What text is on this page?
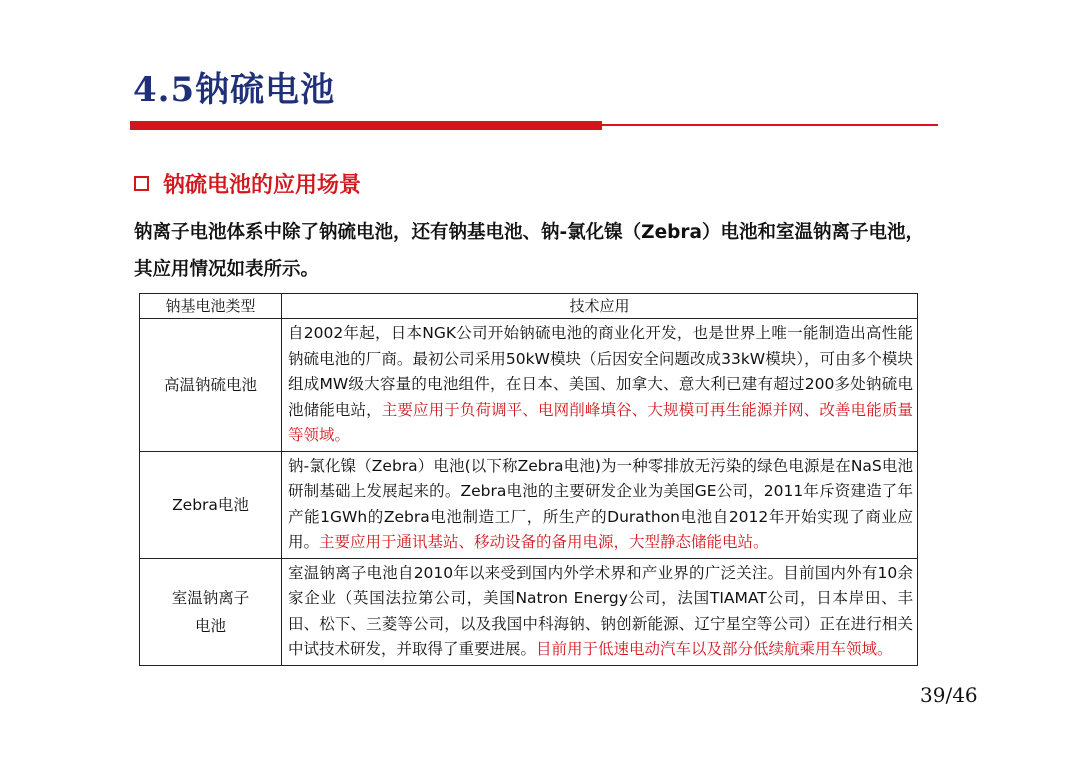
4.5钠硫电池
钠硫电池的应用场景
钠离子电池体系中除了钠硫电池，还有钠基电池、钠-氯化镍（Zebra）电池和室温钠离子电池，其应用情况如表所示。
钠基电池类型	技术应用
高温钠硫电池	自2002年起，日本NGK公司开始钠硫电池的商业化开发，也是世界上唯一能制造出高性能钠硫电池的厂商。最初公司采用50kW模块（后因安全问题改成33kW模块），可由多个模块组成MW级大容量的电池组件，在日本、美国、加拿大、意大利已建有超过200多处钠硫电池储能电站，主要应用于负荷调平、电网削峰填谷、大规模可再生能源并网、改善电能质量等领域。
Zebra电池	钠-氯化镍（Zebra）电池(以下称Zebra电池)为一种零排放无污染的绿色电源是在NaS电池研制基础上发展起来的。Zebra电池的主要研发企业为美国GE公司，2011年斥资建造了年产能1GWh的Zebra电池制造工厂，所生产的Durathon电池自2012年开始实现了商业应用。主要应用于通讯基站、移动设备的备用电源，大型静态储能电站。
室温钠离子电池	室温钠离子电池自2010年以来受到国内外学术界和产业界的广泛关注。目前国内外有10余家企业（英国法拉第公司，美国Natron Energy公司，法国TIAMAT公司，日本岸田、丰田、松下、三菱等公司，以及我国中科海钠、钠创新能源、辽宁星空等公司）正在进行相关中试技术研发，并取得了重要进展。目前用于低速电动汽车以及部分低续航乘用车领域。
39/46
